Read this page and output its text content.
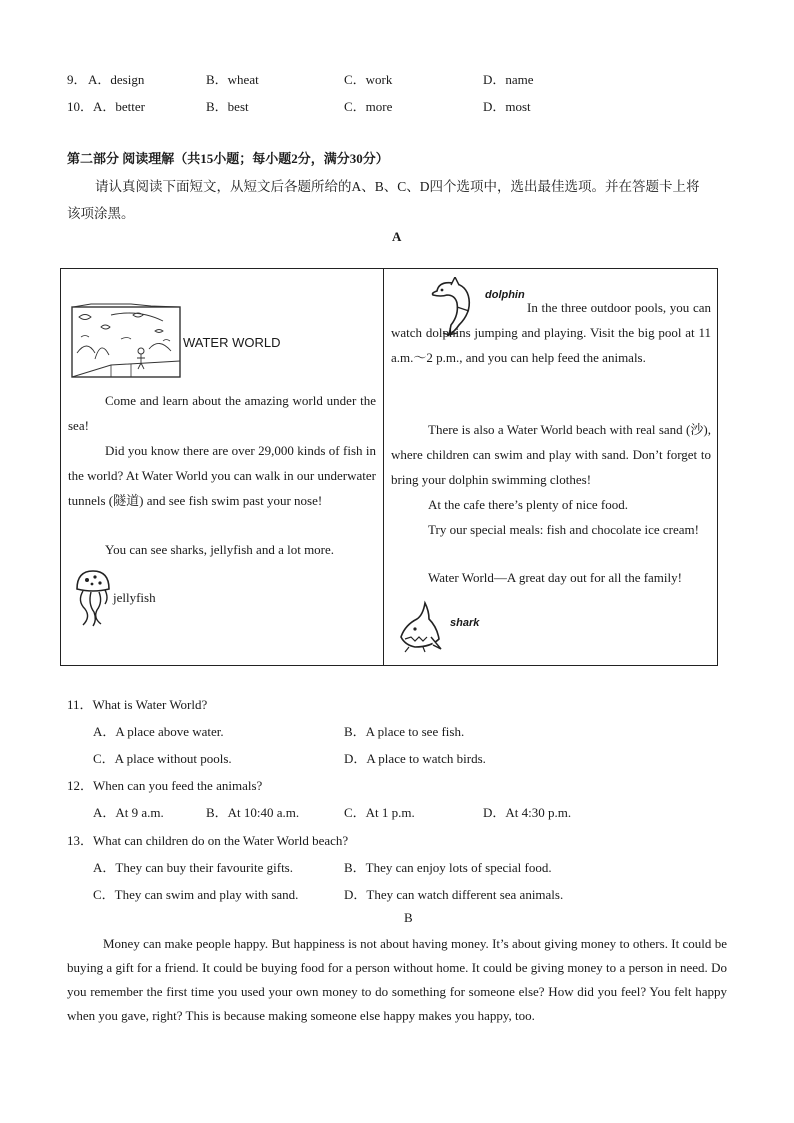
9． A．design	B．wheat	C．work	D．name
10． A．better	B．best	C．more	D．most
第二部分 阅读理解（共15小题；每小题2分，满分30分）
请认真阅读下面短文，从短文后各题所给的A、B、C、D四个选项中，选出最佳选项。并在答题卡上将
该项涂黑。
A
WATER WORLD
Come and learn about the amazing world under the sea!
Did you know there are over 29,000 kinds of fish in the world? At Water World you can walk in our underwater tunnels (隧道) and see fish swim past your nose!
You can see sharks, jellyfish and a lot more.
jellyfish
dolphin
In the three outdoor pools, you can watch dolphins jumping and playing. Visit the big pool at 11 a.m.～2 p.m., and you can help feed the animals.
There is also a Water World beach with real sand (沙), where children can swim and play with sand. Don’t forget to bring your dolphin swimming clothes!
At the cafe there’s plenty of nice food.
Try our special meals: fish and chocolate ice cream!
Water World—A great day out for all the family!
shark
11．What is Water World?
A．A place above water.	B．A place to see fish.
C．A place without pools.	D．A place to watch birds.
12．When can you feed the animals?
A．At 9 a.m.	B．At 10:40 a.m.	C．At 1 p.m.	D．At 4:30 p.m.
13．What can children do on the Water World beach?
A．They can buy their favourite gifts.	B．They can enjoy lots of special food.
C．They can swim and play with sand.	D．They can watch different sea animals.
B
Money can make people happy. But happiness is not about having money. It’s about giving money to others. It could be buying a gift for a friend. It could be buying food for a person without home. It could be giving money to a person in need. Do you remember the first time you used your own money to do something for someone else? How did you feel? You felt happy when you gave, right? This is because making someone else happy makes you happy, too.
